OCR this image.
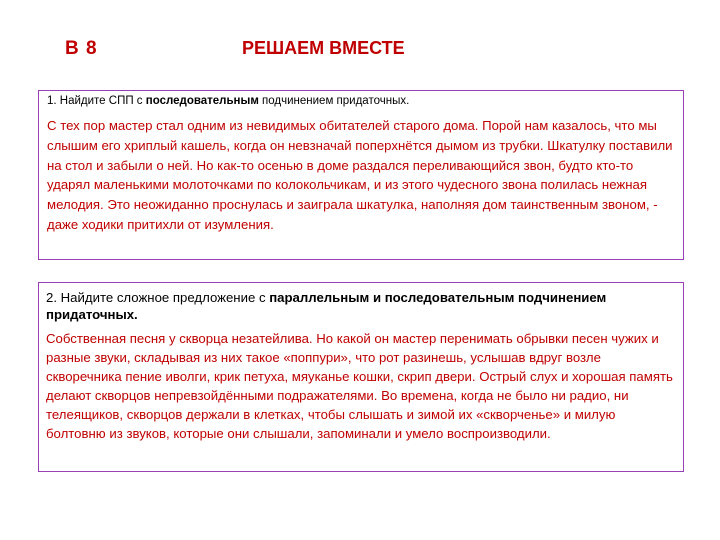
В 8	РЕШАЕМ ВМЕСТЕ
1. Найдите СПП с последовательным подчинением придаточных.
С тех пор мастер стал одним из невидимых обитателей старого дома. Порой нам казалось, что мы слышим его хриплый кашель, когда он невзначай поперхнётся дымом из трубки. Шкатулку поставили на стол и забыли о ней. Но как-то осенью в доме раздался переливающийся звон, будто кто-то ударял маленькими молоточками по колокольчикам, и из этого чудесного звона полилась нежная мелодия. Это неожиданно проснулась и заиграла шкатулка, наполняя дом таинственным звоном, - даже ходики притихли от изумления.
2. Найдите сложное предложение с параллельным и последовательным подчинением придаточных.
Собственная песня у скворца незатейлива. Но какой он мастер перенимать обрывки песен чужих и разные звуки, складывая из них такое «поппури», что рот разинешь, услышав вдруг возле скворечника пение иволги, крик петуха, мяуканье кошки, скрип двери. Острый слух и хорошая память делают скворцов непревзойдёнными подражателями. Во времена, когда не было ни радио, ни телеящиков, скворцов держали в клетках, чтобы слышать и зимой их «скворченье» и милую болтовню из звуков, которые они слышали, запоминали и умело воспроизводили.
